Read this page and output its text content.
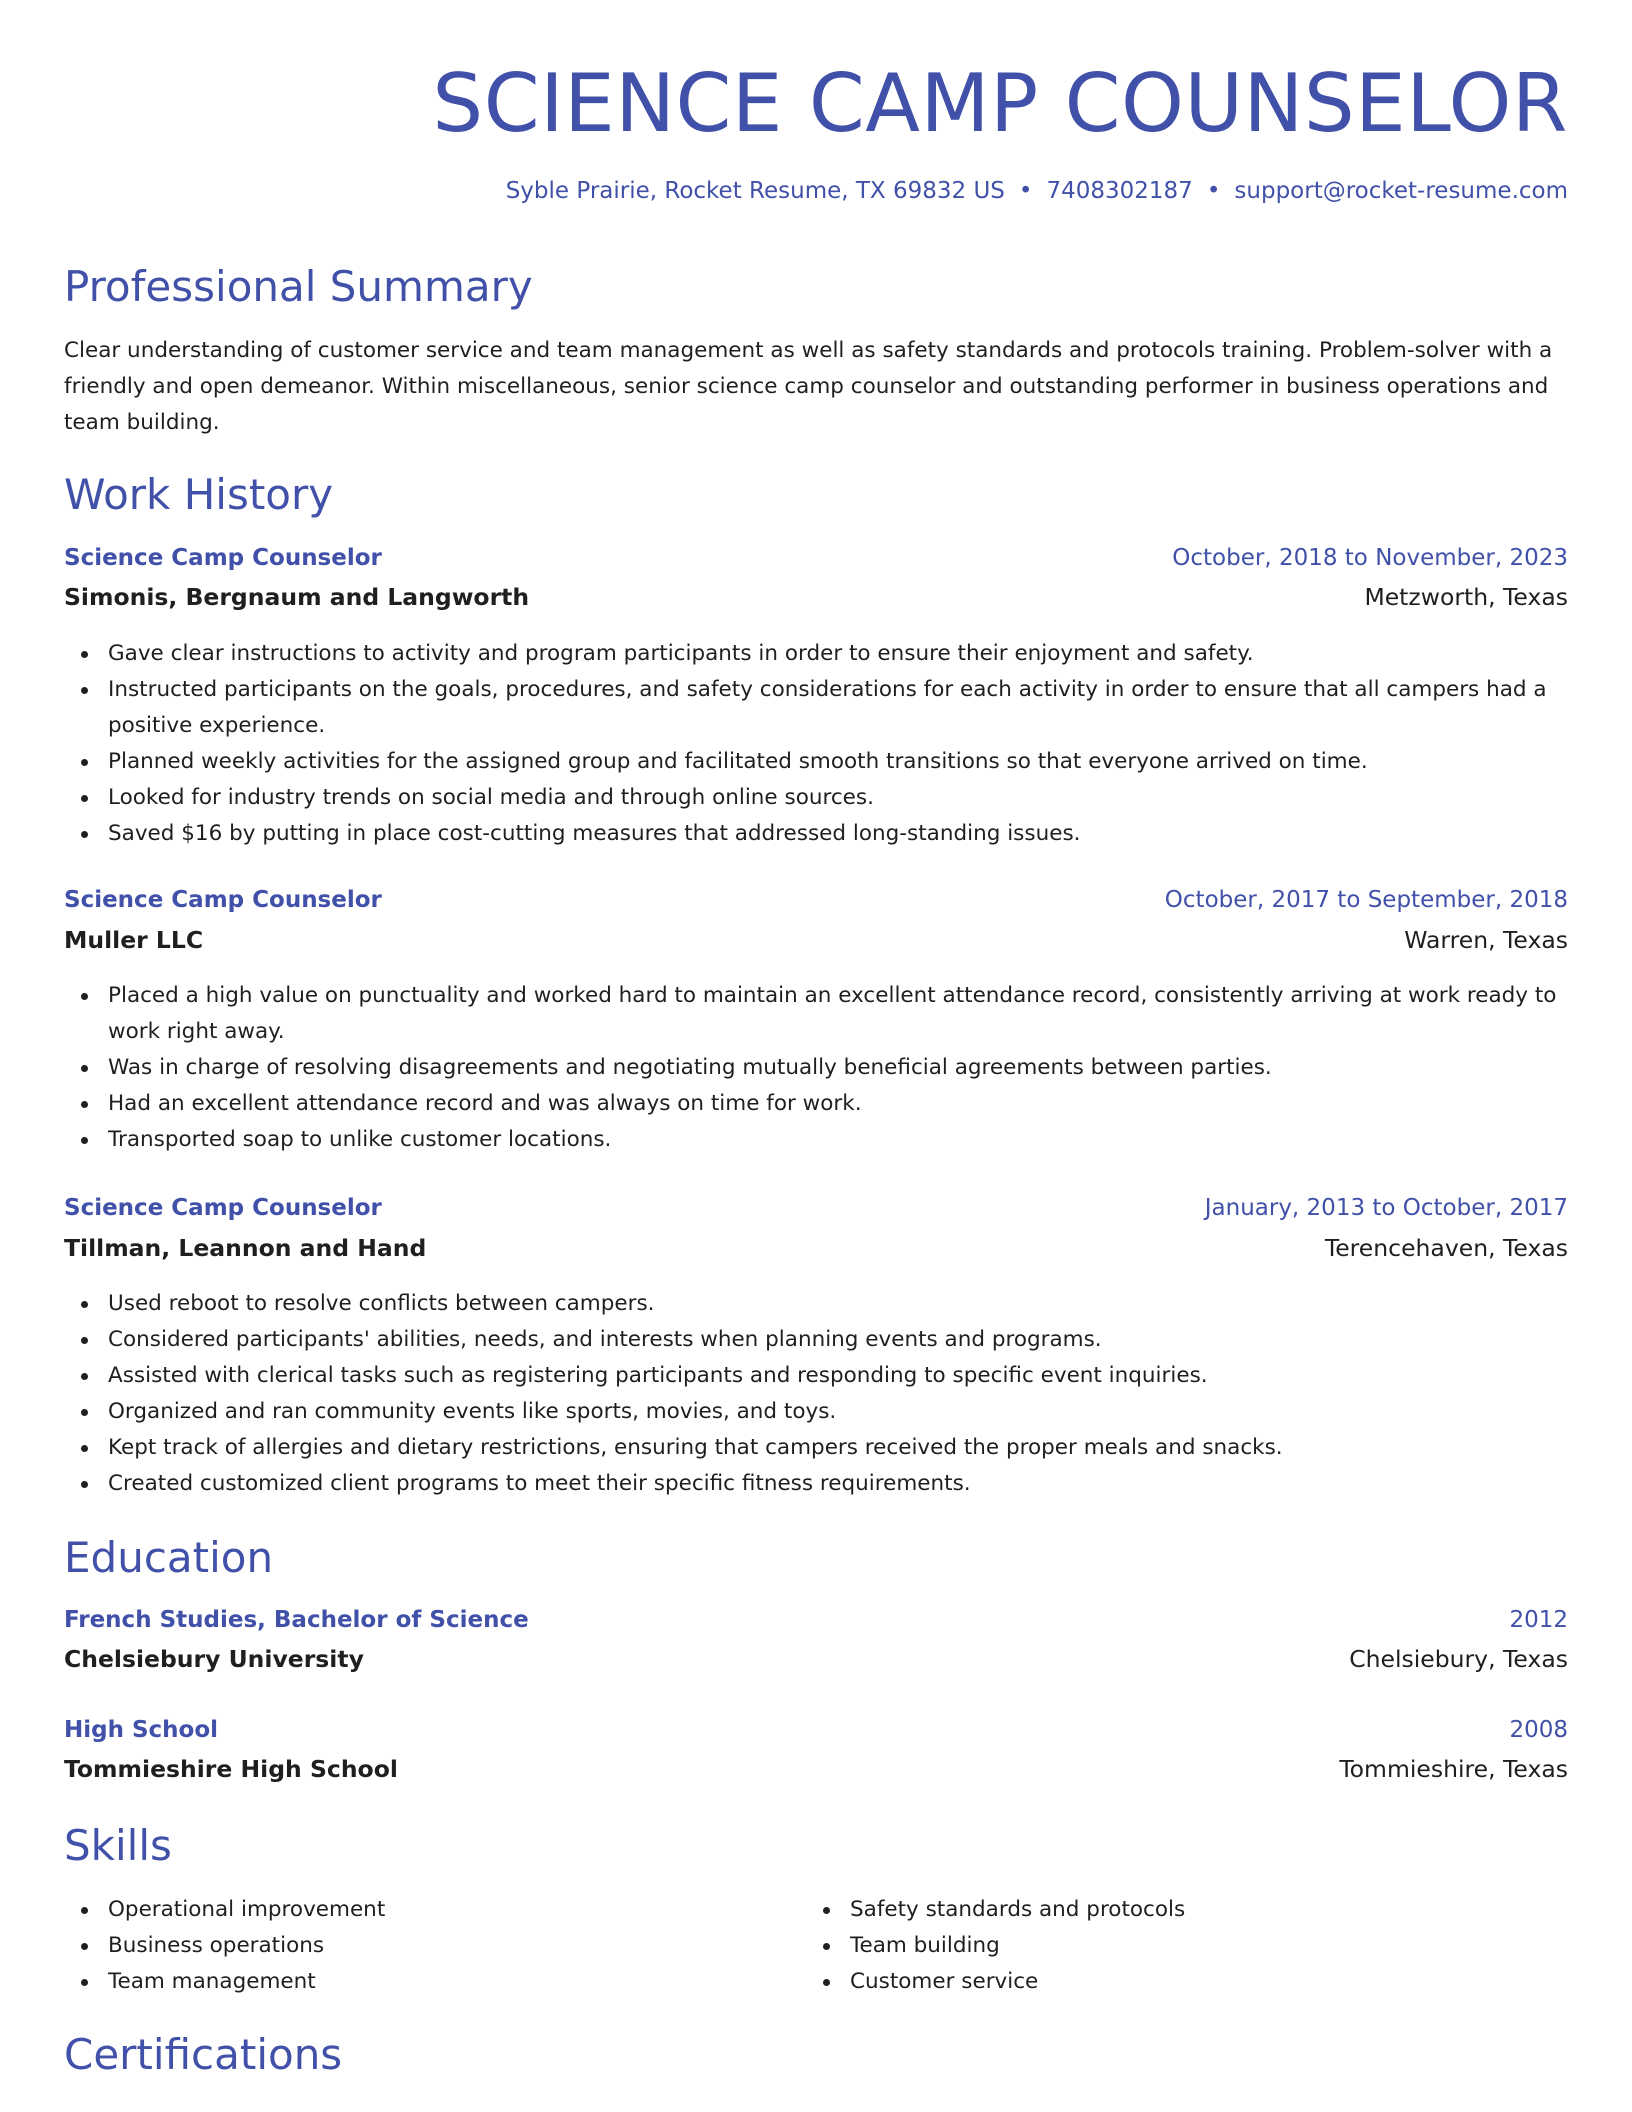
SCIENCE CAMP COUNSELOR
Syble Prairie, Rocket Resume, TX 69832 US • 7408302187 • support@rocket-resume.com
Professional Summary
Clear understanding of customer service and team management as well as safety standards and protocols training. Problem-solver with a friendly and open demeanor. Within miscellaneous, senior science camp counselor and outstanding performer in business operations and team building.
Work History
Science Camp Counselor	October, 2018 to November, 2023
Simonis, Bergnaum and Langworth	Metzworth, Texas
Gave clear instructions to activity and program participants in order to ensure their enjoyment and safety.
Instructed participants on the goals, procedures, and safety considerations for each activity in order to ensure that all campers had a positive experience.
Planned weekly activities for the assigned group and facilitated smooth transitions so that everyone arrived on time.
Looked for industry trends on social media and through online sources.
Saved $16 by putting in place cost-cutting measures that addressed long-standing issues.
Science Camp Counselor	October, 2017 to September, 2018
Muller LLC	Warren, Texas
Placed a high value on punctuality and worked hard to maintain an excellent attendance record, consistently arriving at work ready to work right away.
Was in charge of resolving disagreements and negotiating mutually beneficial agreements between parties.
Had an excellent attendance record and was always on time for work.
Transported soap to unlike customer locations.
Science Camp Counselor	January, 2013 to October, 2017
Tillman, Leannon and Hand	Terencehaven, Texas
Used reboot to resolve conflicts between campers.
Considered participants' abilities, needs, and interests when planning events and programs.
Assisted with clerical tasks such as registering participants and responding to specific event inquiries.
Organized and ran community events like sports, movies, and toys.
Kept track of allergies and dietary restrictions, ensuring that campers received the proper meals and snacks.
Created customized client programs to meet their specific fitness requirements.
Education
French Studies, Bachelor of Science	2012
Chelsiebury University	Chelsiebury, Texas
High School	2008
Tommieshire High School	Tommieshire, Texas
Skills
Operational improvement
Business operations
Team management
Safety standards and protocols
Team building
Customer service
Certifications
